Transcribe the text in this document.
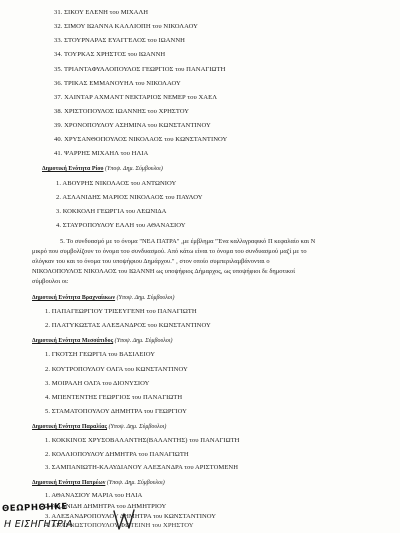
31. ΣΙΚΟΥ ΕΛΕΝΗ του ΜΙΧΑΛΗ
32. ΣΙΜΟΥ ΙΩΑΝΝΑ ΚΑΛΛΙΟΠΗ του ΝΙΚΟΛΑΟΥ
33. ΣΤΟΥΡΝΑΡΑΣ ΕΥΑΓΓΕΛΟΣ του ΙΩΑΝΝΗ
34. ΤΟΥΡΚΑΣ ΧΡΗΣΤΟΣ του ΙΩΑΝΝΗ
35. ΤΡΙΑΝΤΑΦΥΛΛΟΠΟΥΛΟΣ ΓΕΩΡΓΙΟΣ του ΠΑΝΑΓΙΩΤΗ
36. ΤΡΙΚΑΣ ΕΜΜΑΝΟΥΗΛ του ΝΙΚΟΛΑΟΥ
37. ΧΑΙΝΤΑΡ ΑΧΜΑΝΤ ΝΕΚΤΑΡΙΟΣ ΝΕΜΕΡ του ΧΑΕΛ
38. ΧΡΙΣΤΟΠΟΥΛΟΣ ΙΩΑΝΝΗΣ του ΧΡΗΣΤΟΥ
39. ΧΡΟΝΟΠΟΥΛΟΥ ΑΣΗΜΙΝΑ του ΚΩΝΣΤΑΝΤΙΝΟΥ
40. ΧΡΥΣΑΝΘΟΠΟΥΛΟΣ ΝΙΚΟΛΑΟΣ του ΚΩΝΣΤΑΝΤΙΝΟΥ
41. ΨΑΡΡΗΣ ΜΙΧΑΗΛ του ΗΛΙΑ
Δημοτική Ενότητα Ρίου (Υποψ. Δημ. Σύμβουλοι)
1. ΑΒΟΥΡΗΣ ΝΙΚΟΛΑΟΣ του ΑΝΤΩΝΙΟΥ
2. ΑΣΛΑΝΙΔΗΣ ΜΑΡΙΟΣ ΝΙΚΟΛΑΟΣ του ΠΑΥΛΟΥ
3. ΚΟΚΚΟΛΗ ΓΕΩΡΓΙΑ του ΛΕΩΝΙΔΑ
4. ΣΤΑΥΡΟΠΟΥΛΟΥ ΕΛΛΗ του ΑΘΑΝΑΣΙΟΥ
5. Το συνδυασμό με το όνομα "ΝΕΑ ΠΑΤΡΑ" ,με έμβλημα "Ένα καλλιγραφικό Π κεφαλαίο και Ν
μικρό που συμβολίζουν το όνομα του συνδυασμού. Από κάτω είναι το όνομα του συνδυασμού μαζί με το
σλόγκαν του και το όνομα του υποψήφιου Δημάρχου." , στον οποίο συμπεριλαμβάνονται ο
ΝΙΚΟΛΟΠΟΥΛΟΣ ΝΙΚΟΛΑΟΣ του ΙΩΑΝΝΗ ως υποψήφιος Δήμαρχος, ως υποψήφιοι δε δημοτικοί
σύμβουλοι οι:
Δημοτική Ενότητα Βραχναίικων (Υποψ. Δημ. Σύμβουλοι)
1. ΠΑΠΑΓΕΩΡΓΙΟΥ ΤΡΙΣΕΥΓΕΝΗ του ΠΑΝΑΓΙΩΤΗ
2. ΠΛΑΤΥΚΩΣΤΑΣ ΑΛΕΞΑΝΔΡΟΣ του ΚΩΝΣΤΑΝΤΙΝΟΥ
Δημοτική Ενότητα Μεσσάτιδος (Υποψ. Δημ. Σύμβουλοι)
1. ΓΚΟΤΣΗ ΓΕΩΡΓΙΑ του ΒΑΣΙΛΕΙΟΥ
2. ΚΟΥΤΡΟΠΟΥΛΟΥ ΟΛΓΑ του ΚΩΝΣΤΑΝΤΙΝΟΥ
3. ΜΟΙΡΑΛΗ ΟΛΓΑ του ΔΙΟΝΥΣΙΟΥ
4. ΜΠΕΝΤΕΝΤΗΣ ΓΕΩΡΓΙΟΣ του ΠΑΝΑΓΙΩΤΗ
5. ΣΤΑΜΑΤΟΠΟΥΛΟΥ ΔΗΜΗΤΡΑ του ΓΕΩΡΓΙΟΥ
Δημοτική Ενότητα Παραλίας (Υποψ. Δημ. Σύμβουλοι)
1. ΚΟΚΚΙΝΟΣ ΧΡΥΣΟΒΑΛΑΝΤΗΣ(ΒΑΛΑΝΤΗΣ) του ΠΑΝΑΓΙΩΤΗ
2. ΚΟΛΛΙΟΠΟΥΛΟΥ ΔΗΜΗΤΡΑ του ΠΑΝΑΓΙΩΤΗ
3. ΣΑΜΠΑΝΙΩΤΗ-ΚΛΑΥΔΙΑΝΟΥ ΑΛΕΞΑΝΔΡΑ του ΑΡΙΣΤΟΜΕΝΗ
Δημοτική Ενότητα Πατρέων (Υποψ. Δημ. Σύμβουλοι)
1. ΑΘΑΝΑΣΙΟΥ ΜΑΡΙΑ του ΗΛΙΑ
2. ΑΛΑΝΙΔΗ ΔΗΜΗΤΡΑ του ΔΗΜΗΤΡΙΟΥ
3. ΑΛΕΞΑΝΔΡΟΠΟΥΛΟΥ ΔΗΜΗΤΡΑ του ΚΩΝΣΤΑΝΤΙΝΟΥ
4. ΑΝΑΓΝΩΣΤΟΠΟΥΛΟΥ ΦΩΤΕΙΝΗ του ΧΡΗΣΤΟΥ
ΘΕΩΡΗΘΗΚΕ
Η ΕΙΣΗΓΗΤΡΙΑ
